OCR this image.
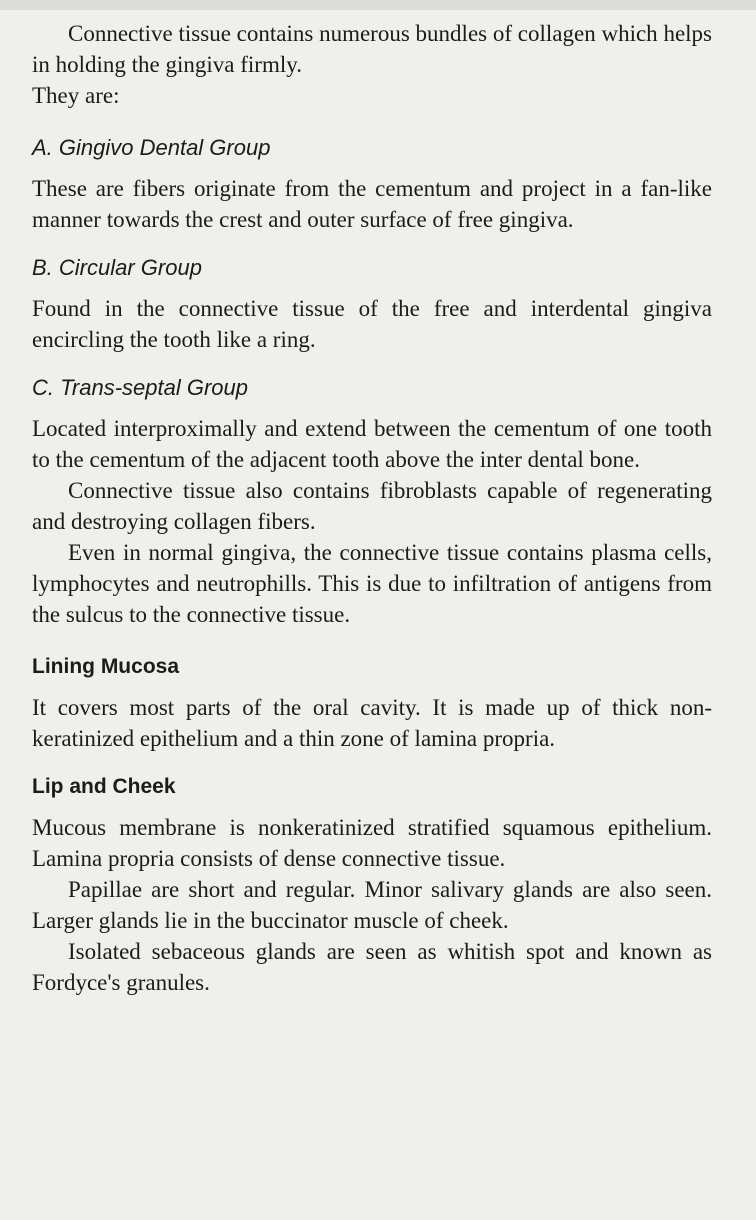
Connective tissue contains numerous bundles of collagen which helps in holding the gingiva firmly.

They are:

A. Gingivo Dental Group

These are fibers originate from the cementum and project in a fan-like manner towards the crest and outer surface of free gingiva.

B. Circular Group

Found in the connective tissue of the free and interdental gingiva encircling the tooth like a ring.

C. Trans-septal Group

Located interproximally and extend between the cementum of one tooth to the cementum of the adjacent tooth above the inter dental bone.

Connective tissue also contains fibroblasts capable of regenerating and destroying collagen fibers.

Even in normal gingiva, the connective tissue contains plasma cells, lymphocytes and neutrophills. This is due to infiltration of antigens from the sulcus to the connective tissue.

Lining Mucosa

It covers most parts of the oral cavity. It is made up of thick non-keratinized epithelium and a thin zone of lamina propria.

Lip and Cheek

Mucous membrane is nonkeratinized stratified squamous epithelium. Lamina propria consists of dense connective tissue.

Papillae are short and regular. Minor salivary glands are also seen. Larger glands lie in the buccinator muscle of cheek.

Isolated sebaceous glands are seen as whitish spot and known as Fordyce's granules.
